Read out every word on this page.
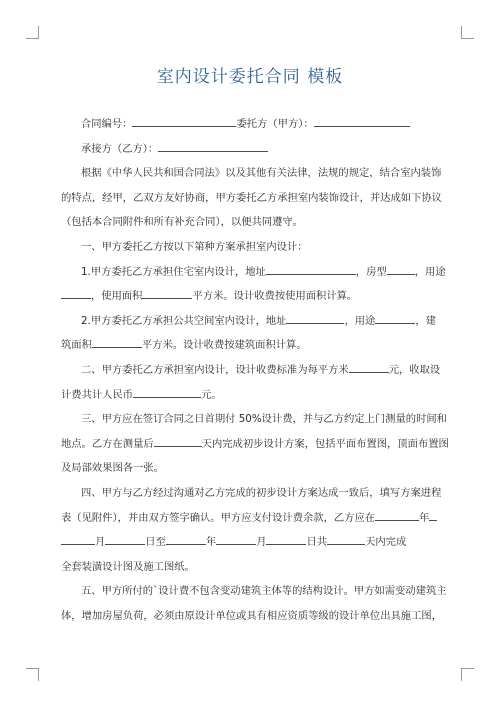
室内设计委托合同 模板

合同编号：	委托方（甲方）：

承接方（乙方）：

根据《中华人民共和国合同法》以及其他有关法律，法规的规定，结合室内装饰

的特点，经甲，乙双方友好协商，甲方委托乙方承担室内装饰设计，并达成如下协议

（包括本合同附件和所有补充合同），以便共同遵守。

一、甲方委托乙方按以下第种方案承担室内设计：

1.甲方委托乙方承担住宅室内设计，地址	，房型	，用途

，使用面积	平方米。设计收费按使用面积计算。

2.甲方委托乙方承担公共空间室内设计，地址	，用途	，建

筑面积	平方米。设计收费按建筑面积计算。

二、甲方委托乙方承担室内设计，设计收费标准为每平方米	元，收取设

计费共计人民币	元。

三、甲方应在签订合同之日首期付 50%设计费，并与乙方约定上门测量的时间和

地点。乙方在测量后	天内完成初步设计方案，包括平面布置图，顶面布置图

及局部效果图各一张。

四、甲方与乙方经过沟通对乙方完成的初步设计方案达成一致后，填写方案进程

表（见附件），并由双方签字确认。甲方应支付设计费余款，乙方应在	年

月	日至	年	月	日共	天内完成

全套装潢设计图及施工图纸。

五、甲方所付的`设计费不包含变动建筑主体等的结构设计。甲方如需变动建筑主

体，增加房屋负荷，必须由原设计单位或具有相应资质等级的设计单位出具施工图，
